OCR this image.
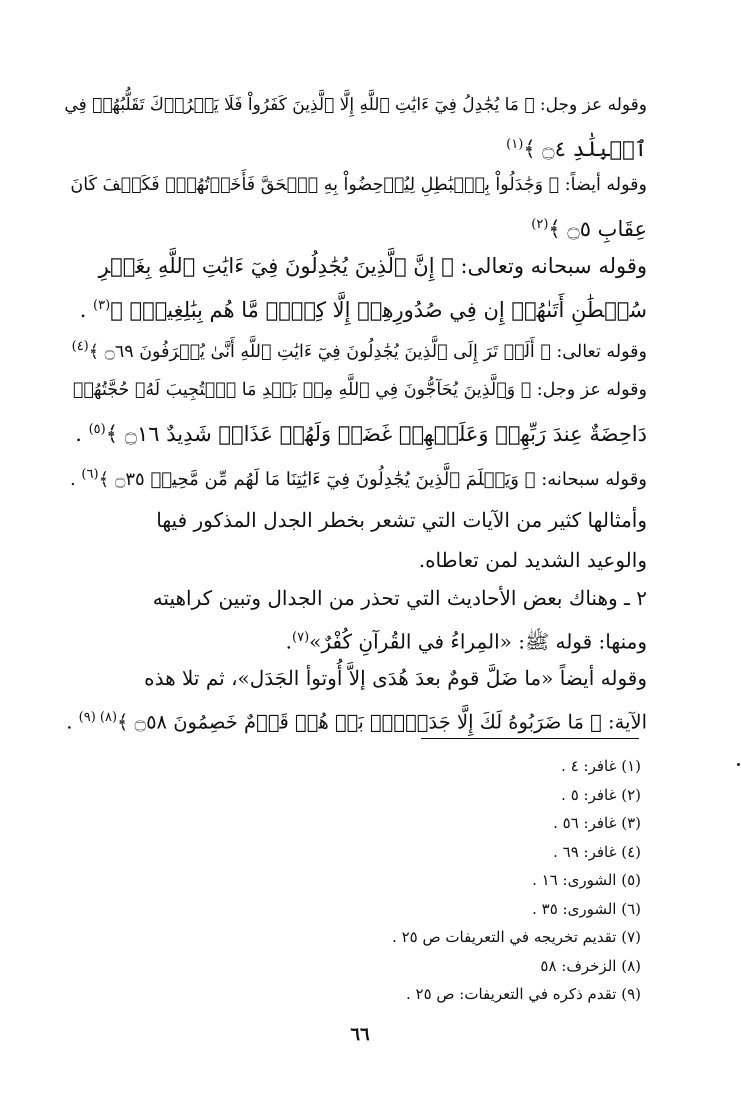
وقوله عز وجل: ﴿ مَا يُجَٰدِلُ فِيٓ ءَايَٰتِ ٱللَّهِ إِلَّا ٱلَّذِينَ كَفَرُواْ فَلَا يَغۡرُرۡكَ تَقَلُّبُهُمۡ فِي
ٱلۡبِلَٰدِ ۝٤ ﴾$^{(١)}$
وقوله أيضاً: ﴿ وَجَٰدَلُواْ بِٱلۡبَٰطِلِ لِيُدۡحِضُواْ بِهِ ٱلۡحَقَّ فَأَخَذۡتُهُمۡۖ فَكَيۡفَ كَانَ
عِقَابِ ۝٥ ﴾$^{(٢)}$
وقوله سبحانه وتعالى: ﴿ إِنَّ ٱلَّذِينَ يُجَٰدِلُونَ فِيٓ ءَايَٰتِ ٱللَّهِ بِغَيۡرِ
سُلۡطَٰنٍ أَتَىٰهُمۡ إِن فِي صُدُورِهِمۡ إِلَّا كِبۡرٞ مَّا هُم بِبَٰلِغِيهِۚ ﴾$^{(٣)}$ .
وقوله تعالى: ﴿ أَلَمۡ تَرَ إِلَى ٱلَّذِينَ يُجَٰدِلُونَ فِيٓ ءَايَٰتِ ٱللَّهِ أَنَّىٰ يُصۡرَفُونَ ۝٦٩ ﴾$^{(٤)}$
وقوله عز وجل: ﴿ وَٱلَّذِينَ يُحَآجُّونَ فِي ٱللَّهِ مِنۢ بَعۡدِ مَا ٱسۡتُجِيبَ لَهُۥ حُجَّتُهُمۡ
دَاحِضَةٌ عِندَ رَبِّهِمۡ وَعَلَيۡهِمۡ غَضَبٞ وَلَهُمۡ عَذَابٞ شَدِيدٌ ۝١٦ ﴾$^{(٥)}$ .
وقوله سبحانه: ﴿ وَيَعۡلَمَ ٱلَّذِينَ يُجَٰدِلُونَ فِيٓ ءَايَٰتِنَا مَا لَهُم مِّن مَّحِيصٖ ۝٣٥ ﴾$^{(٦)}$ .
وأمثالها كثير من الآيات التي تشعر بخطر الجدل المذكور فيها
والوعيد الشديد لمن تعاطاه.
٢ ـ وهناك بعض الأحاديث التي تحذر من الجدال وتبين كراهيته
ومنها: قوله ﷺ: «المِراءُ في القُرآنِ كُفْرٌ»$^{(٧)}$.
وقوله أيضاً «ما ضَلَّ قومٌ بعدَ هُدَى إلاَّ أُوتوأ الجَدَل»، ثم تلا هذه
الآية: ﴿ مَا ضَرَبُوهُ لَكَ إِلَّا جَدَلَۢاۚ بَلۡ هُمۡ قَوۡمٌ خَصِمُونَ ۝٥٨ ﴾$^{(٨) (٩)}$ .
(١) غافر: ٤ .
(٢) غافر: ٥ .
(٣) غافر: ٥٦ .
(٤) غافر: ٦٩ .
(٥) الشورى: ١٦ .
(٦) الشورى: ٣٥ .
(٧) تقديم تخريجه في التعريفات ص ٢٥ .
(٨) الزخرف: ٥٨
(٩) تقدم ذكره في التعريفات: ص ٢٥ .
٦٦
